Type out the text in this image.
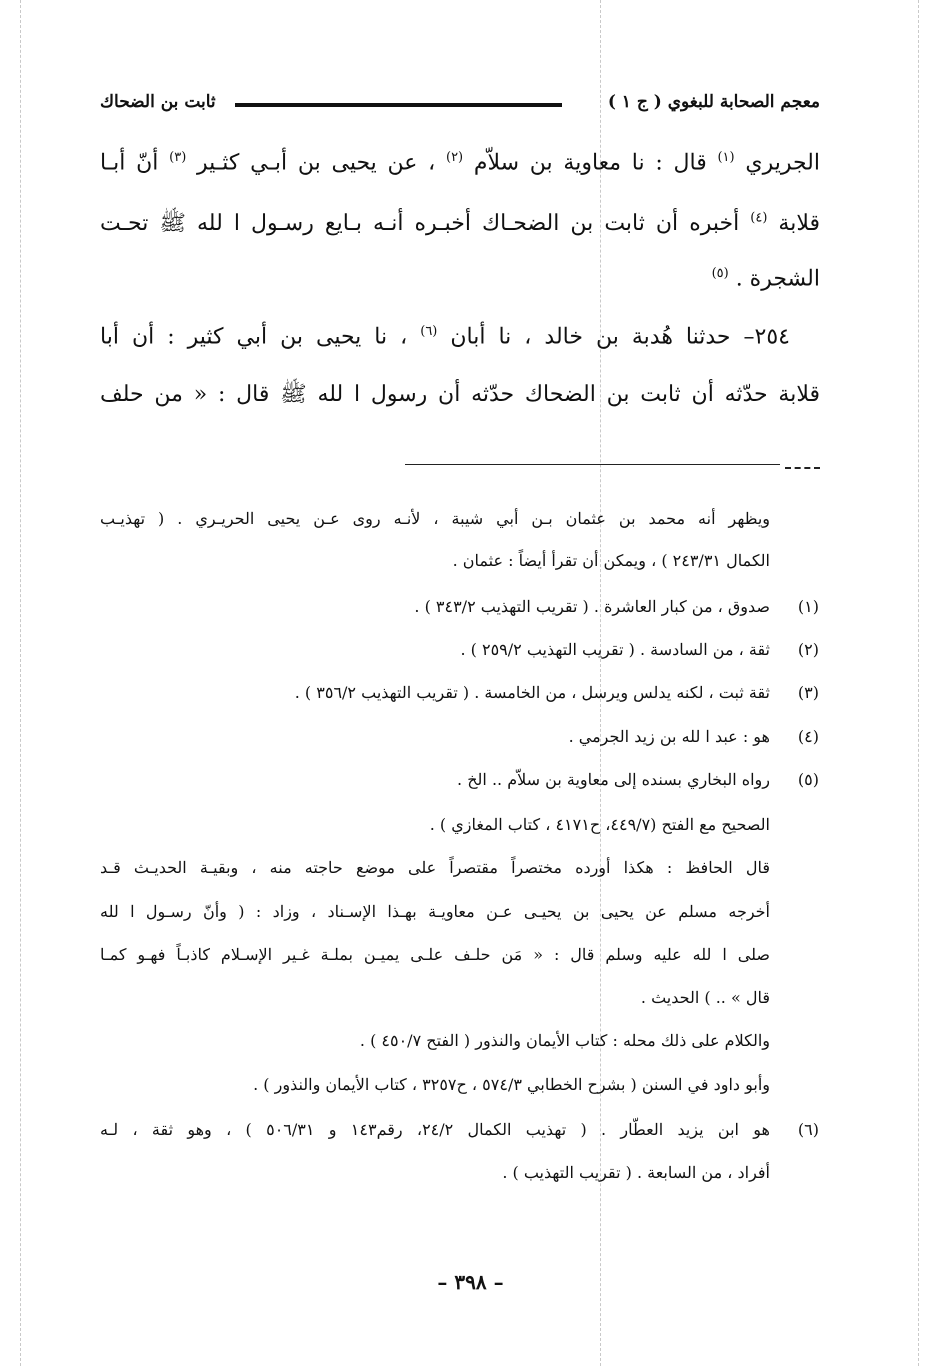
معجم الصحابة للبغوي ( ج ١ )
ثابت بن الضحاك
الجريري $^{(١)}$ قال : نا معاوية بن سلاّم $^{(٢)}$ ، عن يحيى بن أبـي كثـير $^{(٣)}$ أنّ أبـا
قلابة $^{(٤)}$ أخبره أن ثابت بن الضحـاك أخبـره أنـه بـايع رسـول ا لله ﷺ تحـت
الشجرة . $^{(٥)}$
٢٥٤– حدثنا هُدبة بن خالد ، نا أبان $^{(٦)}$ ، نا يحيى بن أبي كثير : أن أبا
قلابة حدّثه أن ثابت بن الضحاك حدّثه أن رسول ا لله ﷺ قال : « من حلف
ويظهر أنه محمد بن عثمان بـن أبي شيبة ، لأنـه روى عـن يحيى الحريـري . ( تهذيـب
الكمال ٢٤٣/٣١ ) ، ويمكن أن تقرأ أيضاً : عثمان .
(١)
صدوق ، من كبار العاشرة . ( تقريب التهذيب ٣٤٣/٢ ) .
(٢)
ثقة ، من السادسة . ( تقريب التهذيب ٢٥٩/٢ ) .
(٣)
ثقة ثبت ، لكنه يدلس ويرسل ، من الخامسة . ( تقريب التهذيب ٣٥٦/٢ ) .
(٤)
هو : عبد ا لله بن زيد الجرمي .
(٥)
رواه البخاري بسنده إلى معاوية بن سلاّم .. الخ .
الصحيح مع الفتح (٤٤٩/٧، ح٤١٧١ ، كتاب المغازي ) .
قال الحافظ : هكذا أورده مختصراً مقتصراً على موضع حاجته منه ، وبقيـة الحديـث قـد
أخرجه مسلم عن يحيى بن يحيـى عـن معاويـة بهـذا الإسـناد ، وزاد : ( وأنّ رسـول ا لله
صلى ا لله عليه وسلم قال : « مَن حلـف علـى يميـن بملـة غـير الإسـلام كاذبـاً فهـو كمـا
قال » .. ) الحديث .
والكلام على ذلك محله : كتاب الأيمان والنذور ( الفتح ٤٥٠/٧ ) .
وأبو داود في السنن ( بشرح الخطابي ٥٧٤/٣ ، ح٣٢٥٧ ، كتاب الأيمان والنذور ) .
(٦)
هو ابن يزيد العطّار . ( تهذيب الكمال ٢٤/٢، رقم١٤٣ و ٥٠٦/٣١ ) ، وهو ثقة ، لـه
أفراد ، من السابعة . ( تقريب التهذيب ) .
– ٣٩٨ –
